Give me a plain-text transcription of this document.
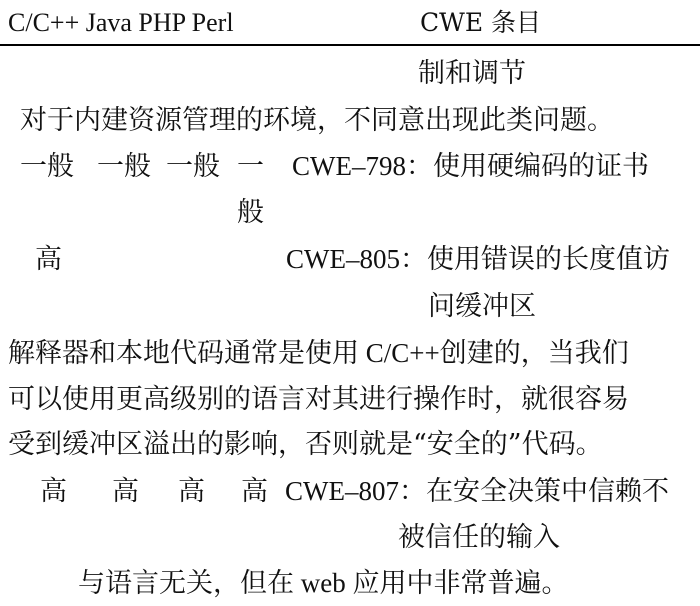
C/C++ Java PHP Perl	CWE 条目
制和调节
对于内建资源管理的环境，不同意出现此类问题。
一般 一般 一般 一
般
CWE–798：使用硬编码的证书
高	CWE–805：使用错误的长度值访
问缓冲区
解释器和本地代码通常是使用 C/C++创建的，当我们
可以使用更高级别的语言对其进行操作时，就很容易
受到缓冲区溢出的影响，否则就是“安全的”代码。
高 高 高 高 CWE–807：在安全决策中信赖不
被信任的输入
与语言无关，但在 web 应用中非常普遍。
